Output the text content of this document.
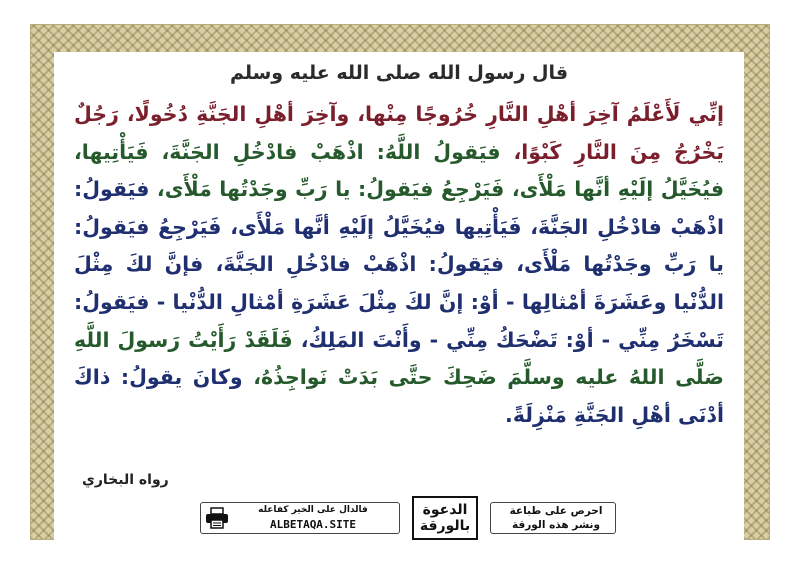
قال رسول الله صلى الله عليه وسلم
إنِّي لَأَعْلَمُ آخِرَ أهْلِ النَّارِ خُرُوجًا مِنْها، وآخِرَ أهْلِ الجَنَّةِ دُخُولًا، رَجُلٌ يَخْرُجُ مِنَ النَّارِ كَبْوًا، فيَقولُ اللَّهُ: اذْهَبْ فادْخُلِ الجَنَّةَ، فَيَأْتِيها، فيُخَيَّلُ إلَيْهِ أنَّها مَلْأَى، فَيَرْجِعُ فيَقولُ: يا رَبِّ وجَدْتُها مَلْأَى، فيَقولُ: اذْهَبْ فادْخُلِ الجَنَّةَ، فَيَأْتِيها فيُخَيَّلُ إلَيْهِ أنَّها مَلْأَى، فَيَرْجِعُ فيَقولُ: يا رَبِّ وجَدْتُها مَلْأَى، فيَقولُ: اذْهَبْ فادْخُلِ الجَنَّةَ، فإنَّ لكَ مِثْلَ الدُّنْيا وعَشَرَةَ أمْثالِها - أوْ: إنَّ لكَ مِثْلَ عَشَرَةِ أمْثالِ الدُّنْيا - فيَقولُ: تَسْخَرُ مِنِّي - أوْ: تَضْحَكُ مِنِّي - وأَنْتَ المَلِكُ، فَلَقَدْ رَأَيْتُ رَسولَ اللَّهِ صَلَّى اللهُ عليه وسلَّمَ ضَحِكَ حتَّى بَدَتْ نَواجِذُهُ، وكانَ يقولُ: ذاكَ أدْنَى أهْلِ الجَنَّةِ مَنْزِلَةً.
رواه البخاري
فالدال على الخير كفاعله
ALBETAQA.SITE
الدعوة بالورقة
احرص على طباعة
ونشر هذه الورقة
